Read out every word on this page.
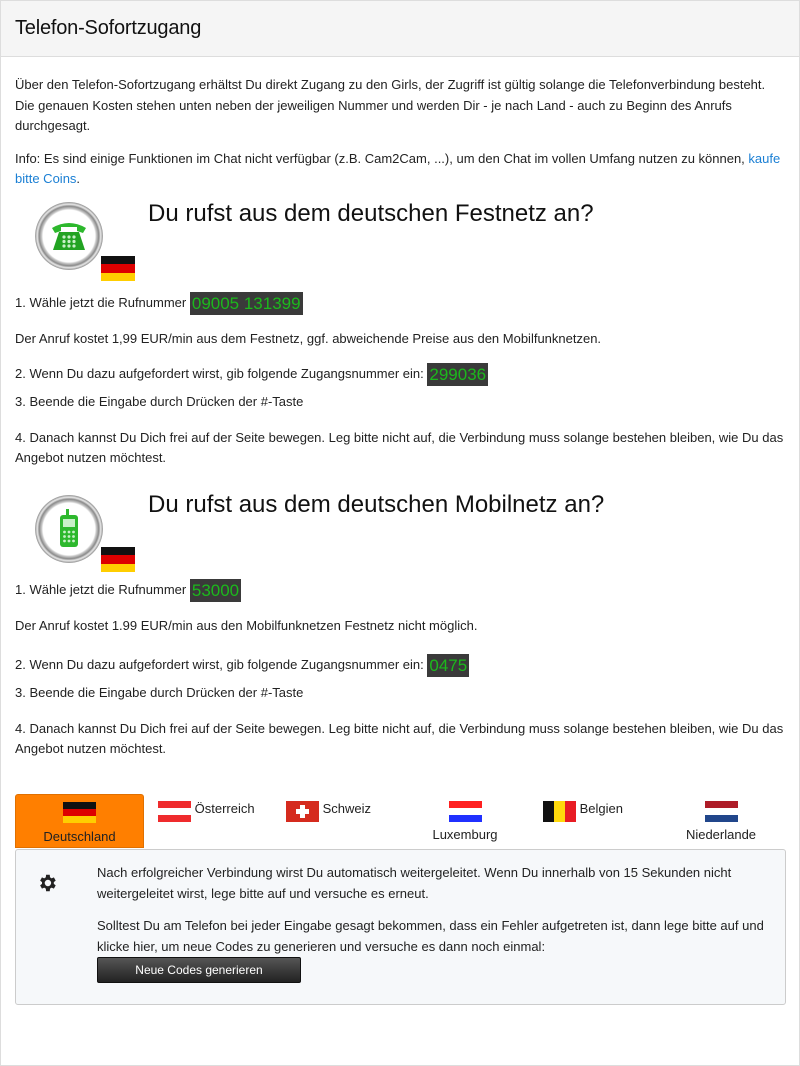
Telefon-Sofortzugang

Über den Telefon-Sofortzugang erhältst Du direkt Zugang zu den Girls, der Zugriff ist gültig solange die Telefonverbindung besteht. Die genauen Kosten stehen unten neben der jeweiligen Nummer und werden Dir - je nach Land - auch zu Beginn des Anrufs durchgesagt.

Info: Es sind einige Funktionen im Chat nicht verfügbar (z.B. Cam2Cam, ...), um den Chat im vollen Umfang nutzen zu können, kaufe bitte Coins.

Du rufst aus dem deutschen Festnetz an?

1. Wähle jetzt die Rufnummer 09005 131399

Der Anruf kostet 1,99 EUR/min aus dem Festnetz, ggf. abweichende Preise aus den Mobilfunknetzen.

2. Wenn Du dazu aufgefordert wirst, gib folgende Zugangsnummer ein: 299036

3. Beende die Eingabe durch Drücken der #-Taste

4. Danach kannst Du Dich frei auf der Seite bewegen. Leg bitte nicht auf, die Verbindung muss solange bestehen bleiben, wie Du das Angebot nutzen möchtest.

Du rufst aus dem deutschen Mobilnetz an?

1. Wähle jetzt die Rufnummer 53000

Der Anruf kostet 1.99 EUR/min aus den Mobilfunknetzen Festnetz nicht möglich.

2. Wenn Du dazu aufgefordert wirst, gib folgende Zugangsnummer ein: 0475

3. Beende die Eingabe durch Drücken der #-Taste

4. Danach kannst Du Dich frei auf der Seite bewegen. Leg bitte nicht auf, die Verbindung muss solange bestehen bleiben, wie Du das Angebot nutzen möchtest.

Deutschland
Österreich	Schweiz
Luxemburg
Belgien
Niederlande

Nach erfolgreicher Verbindung wirst Du automatisch weitergeleitet. Wenn Du innerhalb von 15 Sekunden nicht weitergeleitet wirst, lege bitte auf und versuche es erneut.

Solltest Du am Telefon bei jeder Eingabe gesagt bekommen, dass ein Fehler aufgetreten ist, dann lege bitte auf und klicke hier, um neue Codes zu generieren und versuche es dann noch einmal:

Neue Codes generieren
